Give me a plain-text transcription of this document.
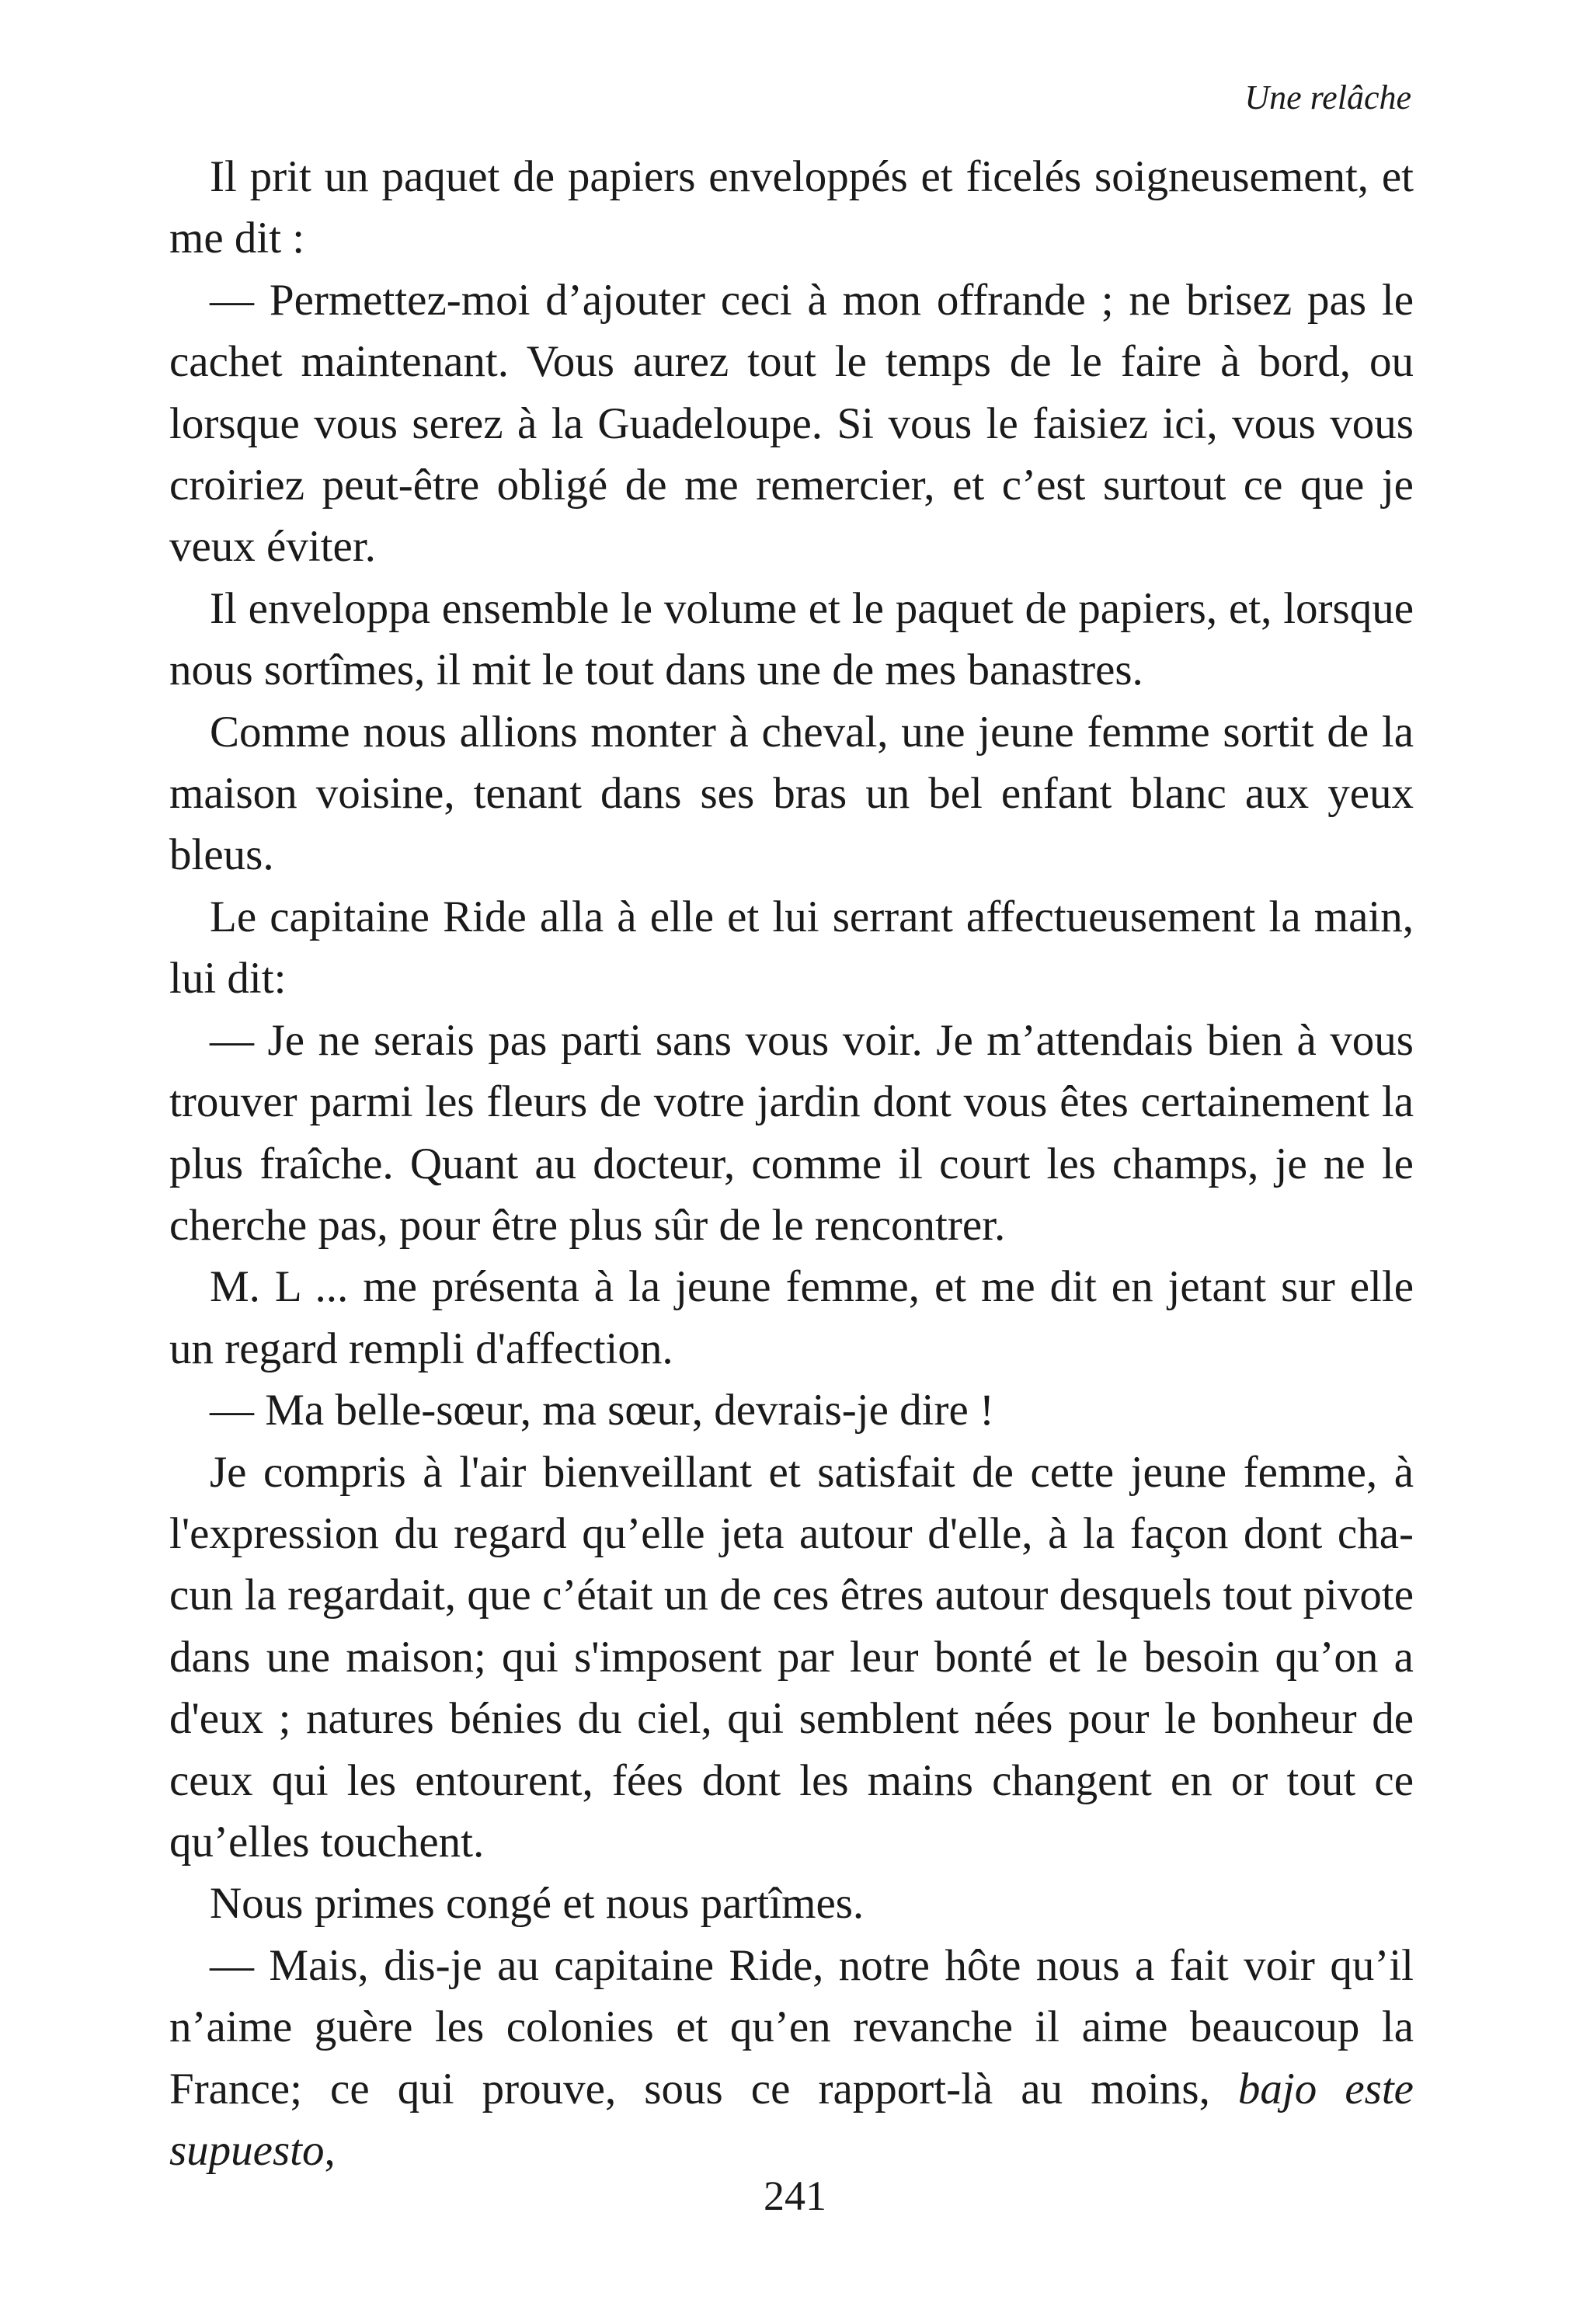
Une relâche

Il prit un paquet de papiers enveloppés et ficelés soigneusement, et me dit :

— Permettez-moi d’ajouter ceci à mon offrande ; ne brisez pas le cachet maintenant. Vous aurez tout le temps de le faire à bord, ou lorsque vous serez à la Guadeloupe. Si vous le faisiez ici, vous vous croiriez peut-être obligé de me remercier, et c’est surtout ce que je veux éviter.

Il enveloppa ensemble le volume et le paquet de papiers, et, lorsque nous sortîmes, il mit le tout dans une de mes banastres.

Comme nous allions monter à cheval, une jeune femme sortit de la maison voisine, tenant dans ses bras un bel enfant blanc aux yeux bleus.

Le capitaine Ride alla à elle et lui serrant affectueusement la main, lui dit:

— Je ne serais pas parti sans vous voir. Je m’attendais bien à vous trouver parmi les fleurs de votre jardin dont vous êtes certainement la plus fraîche. Quant au docteur, comme il court les champs, je ne le cherche pas, pour être plus sûr de le rencontrer.

M. L ... me présenta à la jeune femme, et me dit en jetant sur elle un regard rempli d'affection.

— Ma belle-sœur, ma sœur, devrais-je dire !

Je compris à l'air bienveillant et satisfait de cette jeune femme, à l'expression du regard qu’elle jeta autour d'elle, à la façon dont chacun la regardait, que c’était un de ces êtres autour desquels tout pivote dans une maison; qui s'imposent par leur bonté et le besoin qu’on a d'eux ; natures bénies du ciel, qui semblent nées pour le bonheur de ceux qui les entourent, fées dont les mains changent en or tout ce qu’elles touchent.

Nous primes congé et nous partîmes.

— Mais, dis-je au capitaine Ride, notre hôte nous a fait voir qu’il n’aime guère les colonies et qu’en revanche il aime beaucoup la France; ce qui prouve, sous ce rapport-là au moins, bajo este supuesto,

241
